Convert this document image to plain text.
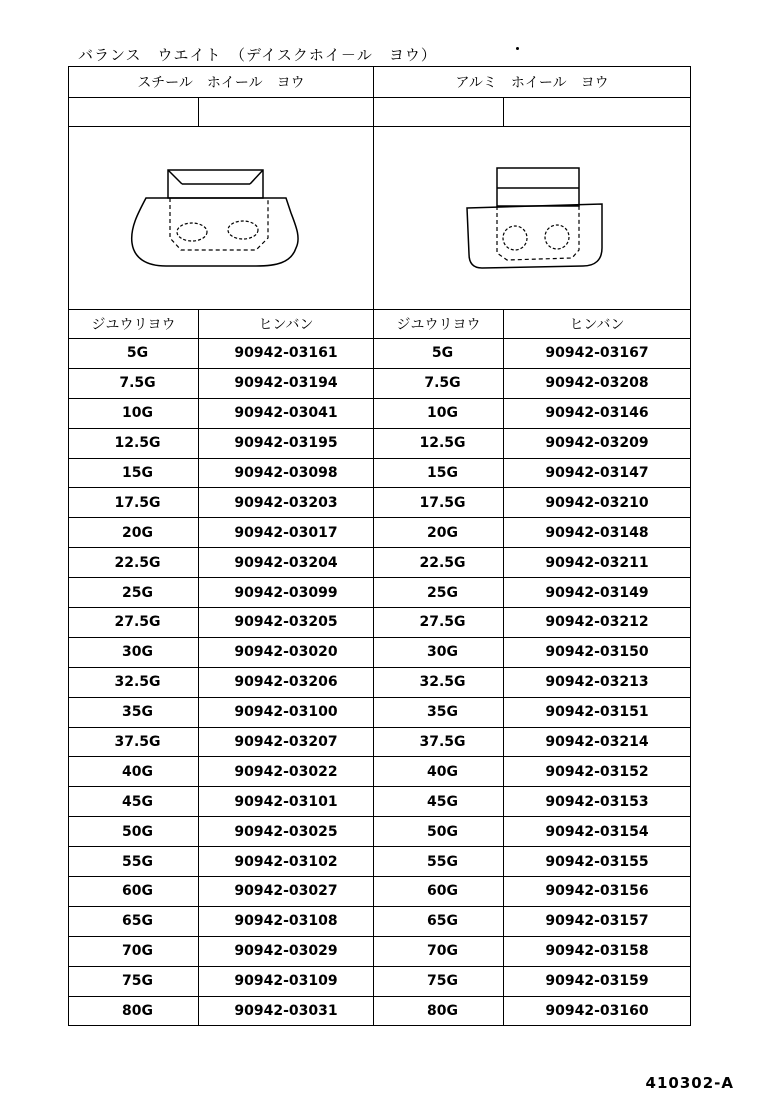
バランス　ウエイト　（デイスクホイ－ル　ヨウ）
スチール　ホイール　ヨウ		アルミ　ホイール　ヨウ	

ジユウリヨウ	ヒンバン	ジユウリヨウ	ヒンバン
5G	90942-03161	5G	90942-03167
7.5G	90942-03194	7.5G	90942-03208
10G	90942-03041	10G	90942-03146
12.5G	90942-03195	12.5G	90942-03209
15G	90942-03098	15G	90942-03147
17.5G	90942-03203	17.5G	90942-03210
20G	90942-03017	20G	90942-03148
22.5G	90942-03204	22.5G	90942-03211
25G	90942-03099	25G	90942-03149
27.5G	90942-03205	27.5G	90942-03212
30G	90942-03020	30G	90942-03150
32.5G	90942-03206	32.5G	90942-03213
35G	90942-03100	35G	90942-03151
37.5G	90942-03207	37.5G	90942-03214
40G	90942-03022	40G	90942-03152
45G	90942-03101	45G	90942-03153
50G	90942-03025	50G	90942-03154
55G	90942-03102	55G	90942-03155
60G	90942-03027	60G	90942-03156
65G	90942-03108	65G	90942-03157
70G	90942-03029	70G	90942-03158
75G	90942-03109	75G	90942-03159
80G	90942-03031	80G	90942-03160
410302-A
